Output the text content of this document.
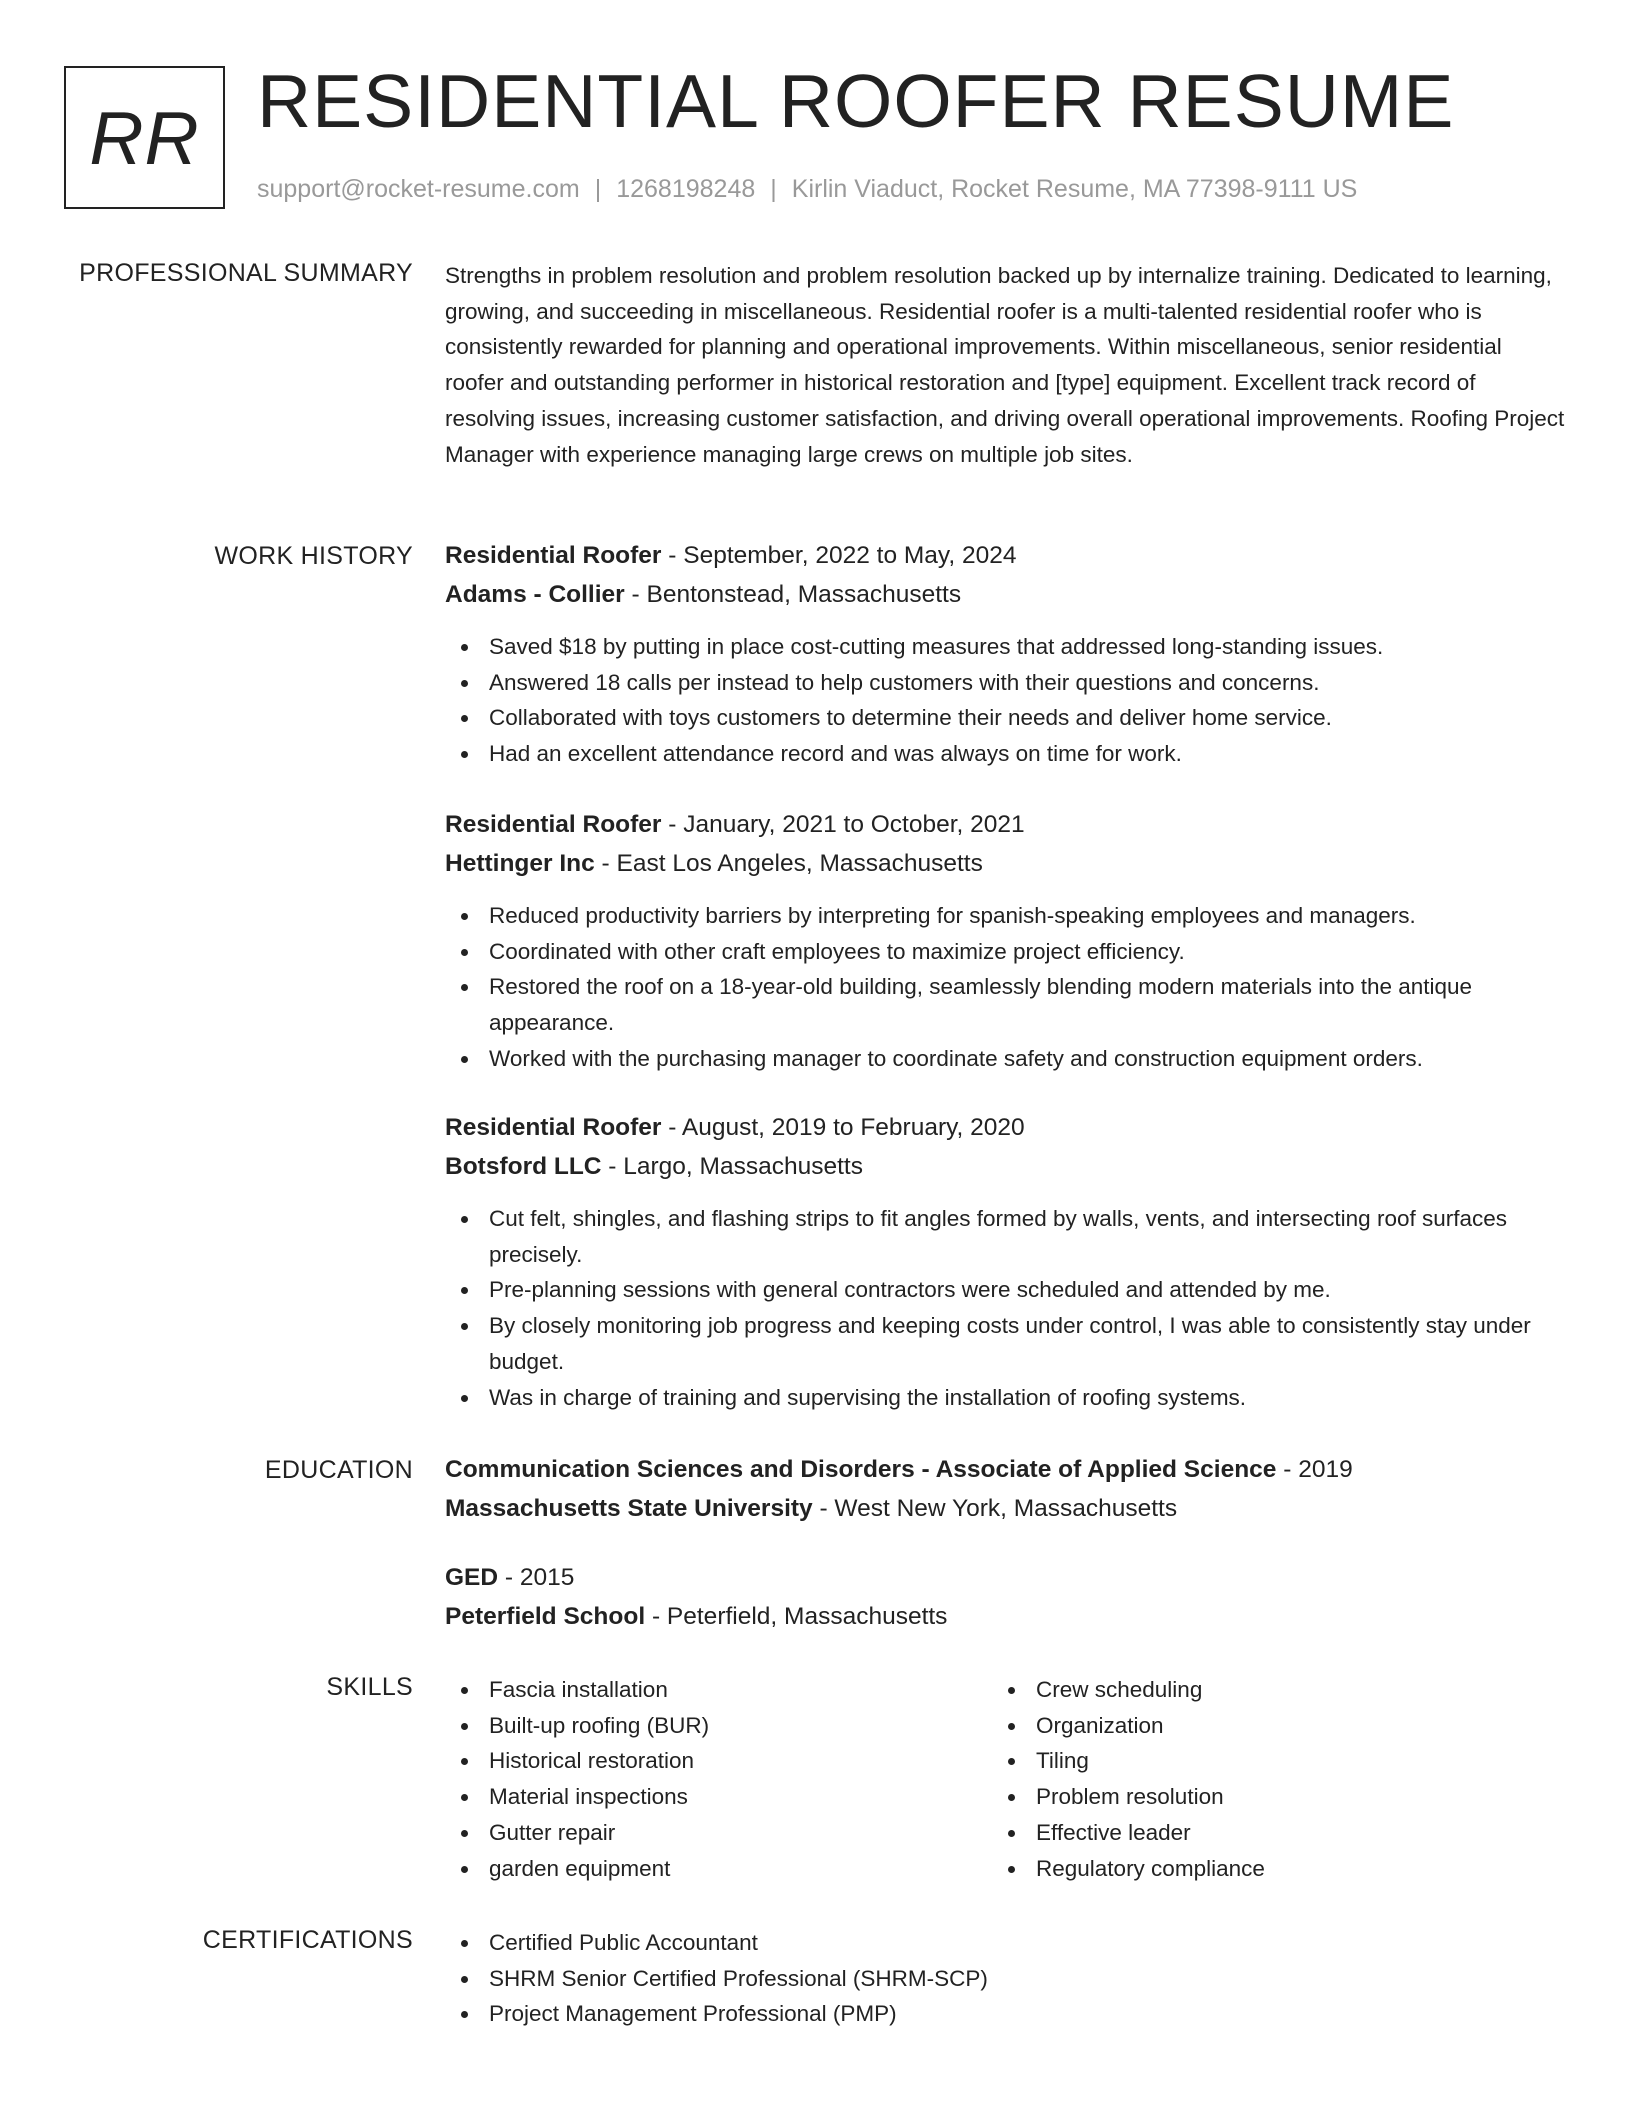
RR RESIDENTIAL ROOFER RESUME
support@rocket-resume.com | 1268198248 | Kirlin Viaduct, Rocket Resume, MA 77398-9111 US
PROFESSIONAL SUMMARY Strengths in problem resolution and problem resolution backed up by internalize training. Dedicated to learning, growing, and succeeding in miscellaneous. Residential roofer is a multi-talented residential roofer who is consistently rewarded for planning and operational improvements. Within miscellaneous, senior residential roofer and outstanding performer in historical restoration and [type] equipment. Excellent track record of resolving issues, increasing customer satisfaction, and driving overall operational improvements. Roofing Project Manager with experience managing large crews on multiple job sites.

WORK HISTORY Residential Roofer - September, 2022 to May, 2024
Adams - Collier - Bentonstead, Massachusetts
Saved $18 by putting in place cost-cutting measures that addressed long-standing issues.
Answered 18 calls per instead to help customers with their questions and concerns.
Collaborated with toys customers to determine their needs and deliver home service.
Had an excellent attendance record and was always on time for work.
Residential Roofer - January, 2021 to October, 2021
Hettinger Inc - East Los Angeles, Massachusetts
Reduced productivity barriers by interpreting for spanish-speaking employees and managers.
Coordinated with other craft employees to maximize project efficiency.
Restored the roof on a 18-year-old building, seamlessly blending modern materials into the antique appearance.
Worked with the purchasing manager to coordinate safety and construction equipment orders.
Residential Roofer - August, 2019 to February, 2020
Botsford LLC - Largo, Massachusetts
Cut felt, shingles, and flashing strips to fit angles formed by walls, vents, and intersecting roof surfaces precisely.
Pre-planning sessions with general contractors were scheduled and attended by me.
By closely monitoring job progress and keeping costs under control, I was able to consistently stay under budget.
Was in charge of training and supervising the installation of roofing systems.
EDUCATION Communication Sciences and Disorders - Associate of Applied Science - 2019
Massachusetts State University - West New York, Massachusetts
GED - 2015
Peterfield School - Peterfield, Massachusetts
SKILLS	Fascia installation
Built-up roofing (BUR)
Historical restoration
Material inspections
Gutter repair
garden equipment
Crew scheduling
Organization
Tiling
Problem resolution
Effective leader
Regulatory compliance
CERTIFICATIONS	Certified Public Accountant
SHRM Senior Certified Professional (SHRM-SCP)
Project Management Professional (PMP)
